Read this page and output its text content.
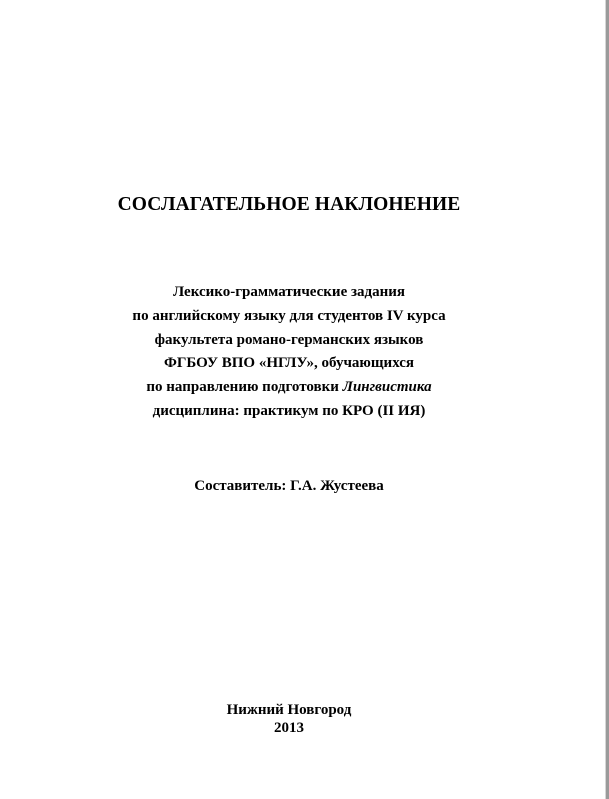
СОСЛАГАТЕЛЬНОЕ НАКЛОНЕНИЕ
Лексико-грамматические задания
по английскому языку для студентов IV курса
факультета романо-германских языков
ФГБОУ ВПО «НГЛУ», обучающихся
по направлению подготовки Лингвистика
дисциплина: практикум по КРО (II ИЯ)
Составитель: Г.А. Жустеева
Нижний Новгород
2013
